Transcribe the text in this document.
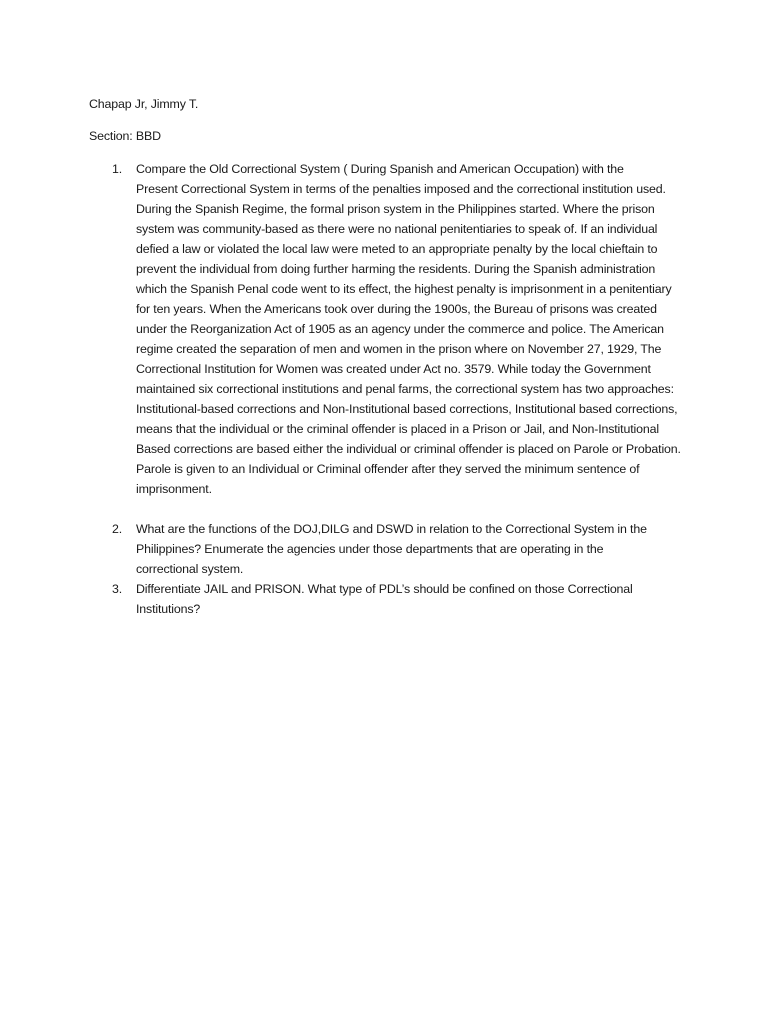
Chapap Jr, Jimmy T.

Section: BBD

1. Compare the Old Correctional System ( During Spanish and American Occupation) with the Present Correctional System in terms of the penalties imposed and the correctional institution used.
During the Spanish Regime, the formal prison system in the Philippines started. Where the prison system was community-based as there were no national penitentiaries to speak of. If an individual defied a law or violated the local law were meted to an appropriate penalty by the local chieftain to prevent the individual from doing further harming the residents. During the Spanish administration which the Spanish Penal code went to its effect, the highest penalty is imprisonment in a penitentiary for ten years. When the Americans took over during the 1900s, the Bureau of prisons was created under the Reorganization Act of 1905 as an agency under the commerce and police. The American regime created the separation of men and women in the prison where on November 27, 1929, The Correctional Institution for Women was created under Act no. 3579. While today the Government maintained six correctional institutions and penal farms, the correctional system has two approaches: Institutional-based corrections and Non-Institutional based corrections, Institutional based corrections, means that the individual or the criminal offender is placed in a Prison or Jail, and Non-Institutional Based corrections are based either the individual or criminal offender is placed on Parole or Probation. Parole is given to an Individual or Criminal offender after they served the minimum sentence of imprisonment.
2. What are the functions of the DOJ,DILG and DSWD in relation to the Correctional System in the Philippines? Enumerate the agencies under those departments that are operating in the correctional system.
3. Differentiate JAIL and PRISON. What type of PDL’s should be confined on those Correctional Institutions?
